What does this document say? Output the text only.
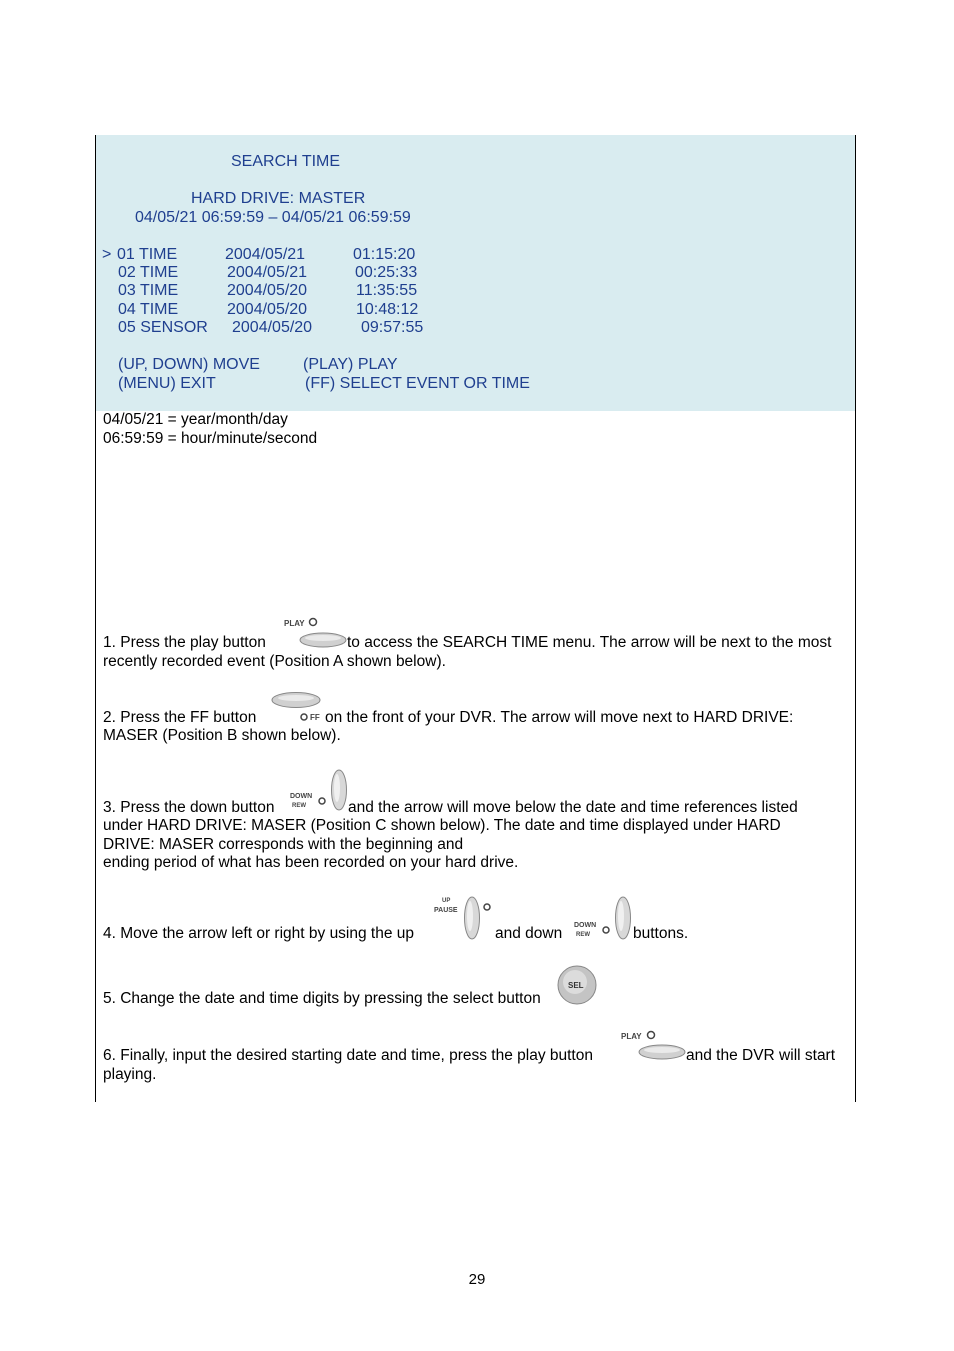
SEARCH TIME
HARD DRIVE: MASTER
04/05/21 06:59:59 – 04/05/21 06:59:59
> 01 TIME	2004/05/21	01:15:20
02 TIME	2004/05/21	00:25:33
03 TIME	2004/05/20	11:35:55
04 TIME	2004/05/20	10:48:12
05 SENSOR 2004/05/20	09:57:55
(UP, DOWN) MOVE	(PLAY) PLAY
(MENU) EXIT	(FF) SELECT EVENT OR TIME
04/05/21 = year/month/day
06:59:59 = hour/minute/second
1. Press the play button
PLAY
to access the SEARCH TIME menu. The arrow will be next to the most
recently recorded event (Position A shown below).
2. Press the FF button	FF on the front of your DVR. The arrow will move next to HARD DRIVE:
MASER (Position B shown below).
3. Press the down button
DOWN
REW	and the arrow will move below the date and time references listed
under HARD DRIVE: MASER (Position C shown below). The date and time displayed under HARD
DRIVE: MASER corresponds with the beginning and
ending period of what has been recorded on your hard drive.
4. Move the arrow left or right by using the up
UP
PAUSE
and down DOWN
REW	buttons.
5. Change the date and time digits by pressing the select button
SEL
6. Finally, input the desired starting date and time, press the play button
PLAY
and the DVR will start
playing.
29
